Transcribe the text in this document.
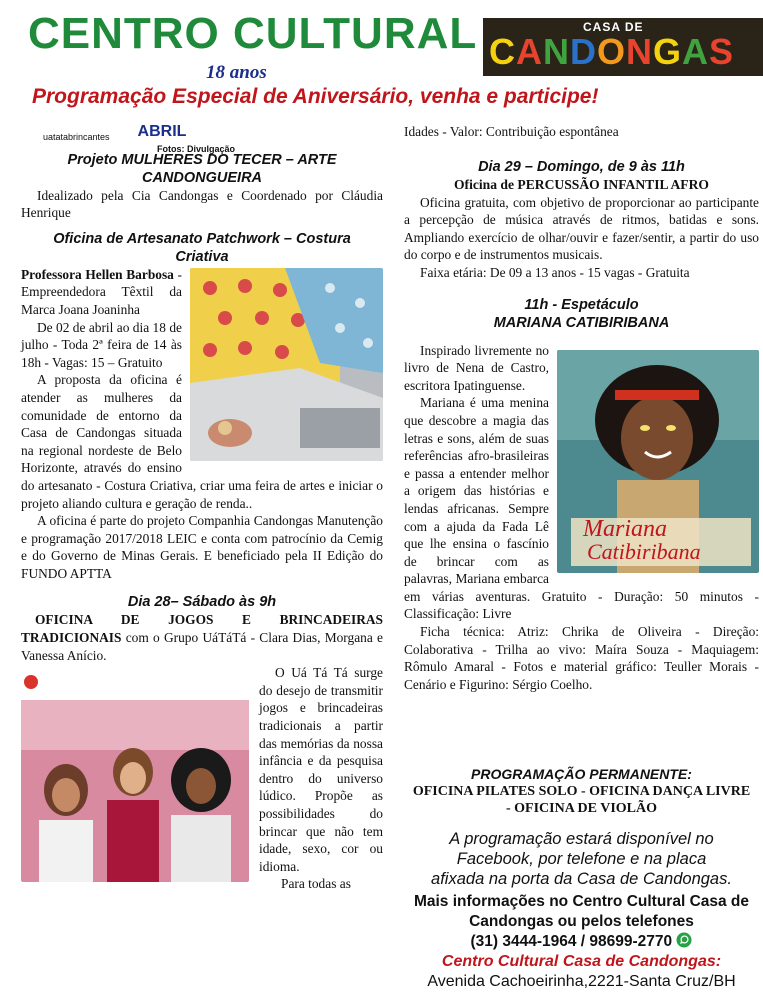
CENTRO CULTURAL
18 anos
CASA DE
CANDONGAS
Programação Especial de Aniversário, venha e participe!
ABRIL
Projeto MULHERES DO TECER – ARTE CANDONGUEIRA

Idealizado pela Cia Candongas e Coordenado por Cláudia Henrique

Oficina de Artesanato Patchwork – Costura Criativa

Professora Hellen Barbosa - Empreendedora Têxtil da Marca Joana Joaninha

De 02 de abril ao dia 18 de julho - Toda 2ª feira de 14 às 18h - Vagas: 15 – Gratuito

A proposta da oficina é atender as mulheres da comunidade de entorno da Casa de Candongas situada na regional nordeste de Belo Horizonte, através do ensino do artesanato - Costura Criativa, criar uma feira de artes e iniciar o projeto aliando cultura e geração de renda..

A oficina é parte do projeto Companhia Candongas Manutenção e programação 2017/2018 LEIC e conta com patrocínio da Cemig e do Governo de Minas Gerais. E beneficiado pela II Edição do FUNDO APTTA

Dia 28– Sábado às 9h

OFICINA DE JOGOS E BRINCADEIRAS TRADICIONAIS com o Grupo UáTáTá - Clara Dias, Morgana e Vanessa Anício.

uatatabrincantes
Fotos: Divulgação

O Uá Tá Tá surge do desejo de transmitir jogos e brincadeiras tradicionais a partir das memórias da nossa infância e da pesquisa dentro do universo lúdico. Propõe as possibilidades do brincar que não tem idade, sexo, cor ou idioma.

Para todas as

Idades - Valor: Contribuição espontânea

Dia 29 – Domingo, de 9 às 11h
Oficina de PERCUSSÃO INFANTIL AFRO

Oficina gratuita, com objetivo de proporcionar ao participante a percepção de música através de ritmos, batidas e sons. Ampliando exercício de olhar/ouvir e fazer/sentir, a partir do uso do corpo e de instrumentos musicais.

Faixa etária: De 09 a 13 anos - 15 vagas - Gratuita

11h - Espetáculo
MARIANA CATIBIRIBANA
Mariana
Catibiribana

Inspirado livremente no livro de Nena de Castro, escritora Ipatinguense.

Mariana é uma menina que descobre a magia das letras e sons, além de suas referências afro-brasileiras e passa a entender melhor a origem das histórias e lendas africanas. Sempre com a ajuda da Fada Lê que lhe ensina o fascínio de brincar com as palavras, Mariana embarca em várias aventuras. Gratuito - Duração: 50 minutos - Classificação: Livre

Ficha técnica: Atriz: Chrika de Oliveira - Direção: Colaborativa - Trilha ao vivo: Maíra Souza - Maquiagem: Rômulo Amaral - Fotos e material gráfico: Teuller Morais - Cenário e Figurino: Sérgio Coelho.

PROGRAMAÇÃO PERMANENTE:
OFICINA PILATES SOLO - OFICINA DANÇA LIVRE - OFICINA DE VIOLÃO
A programação estará disponível no Facebook, por telefone e na placa afixada na porta da Casa de Candongas.
Mais informações no Centro Cultural Casa de Candongas ou pelos telefones
(31) 3444-1964 / 98699-2770
Centro Cultural Casa de Candongas:
Avenida Cachoeirinha,2221-Santa Cruz/BH
